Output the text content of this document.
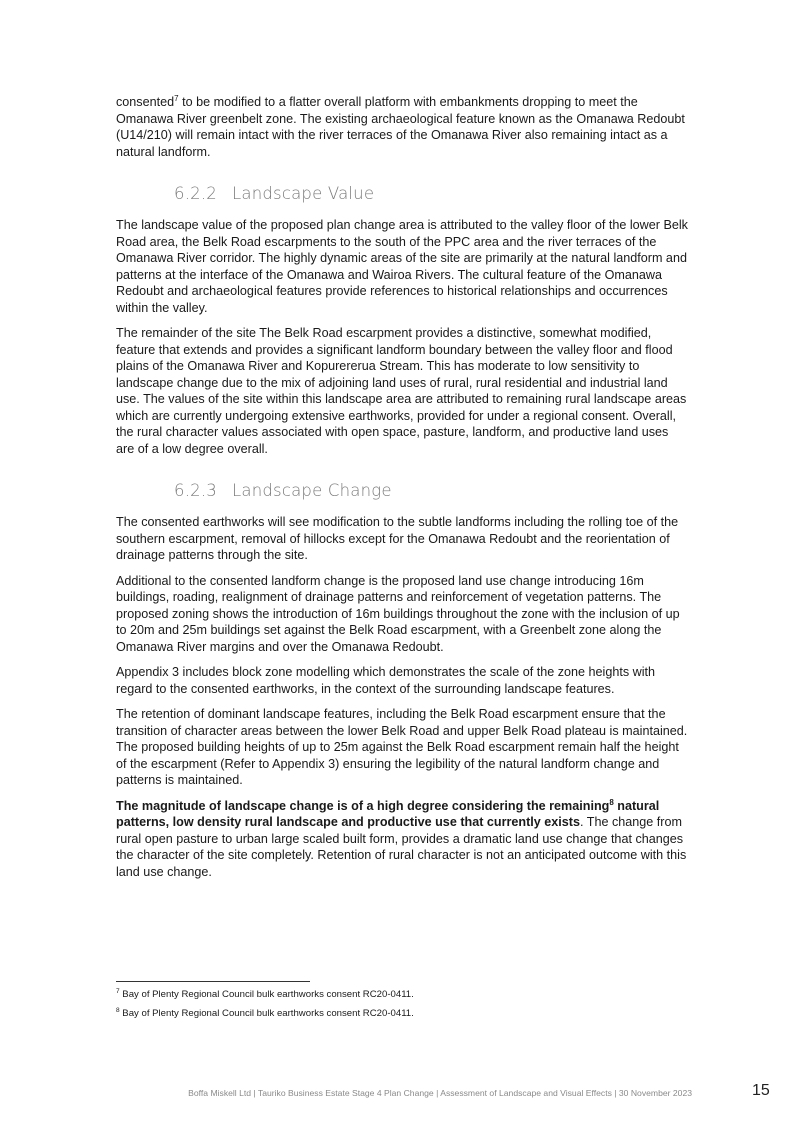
consented$^7$ to be modified to a flatter overall platform with embankments dropping to meet the Omanawa River greenbelt zone. The existing archaeological feature known as the Omanawa Redoubt (U14/210) will remain intact with the river terraces of the Omanawa River also remaining intact as a natural landform.

6.2.2 Landscape Value

The landscape value of the proposed plan change area is attributed to the valley floor of the lower Belk Road area, the Belk Road escarpments to the south of the PPC area and the river terraces of the Omanawa River corridor. The highly dynamic areas of the site are primarily at the natural landform and patterns at the interface of the Omanawa and Wairoa Rivers. The cultural feature of the Omanawa Redoubt and archaeological features provide references to historical relationships and occurrences within the valley.

The remainder of the site The Belk Road escarpment provides a distinctive, somewhat modified, feature that extends and provides a significant landform boundary between the valley floor and flood plains of the Omanawa River and Kopurererua Stream. This has moderate to low sensitivity to landscape change due to the mix of adjoining land uses of rural, rural residential and industrial land use. The values of the site within this landscape area are attributed to remaining rural landscape areas which are currently undergoing extensive earthworks, provided for under a regional consent. Overall, the rural character values associated with open space, pasture, landform, and productive land uses are of a low degree overall.

6.2.3 Landscape Change

The consented earthworks will see modification to the subtle landforms including the rolling toe of the southern escarpment, removal of hillocks except for the Omanawa Redoubt and the reorientation of drainage patterns through the site.

Additional to the consented landform change is the proposed land use change introducing 16m buildings, roading, realignment of drainage patterns and reinforcement of vegetation patterns. The proposed zoning shows the introduction of 16m buildings throughout the zone with the inclusion of up to 20m and 25m buildings set against the Belk Road escarpment, with a Greenbelt zone along the Omanawa River margins and over the Omanawa Redoubt.

Appendix 3 includes block zone modelling which demonstrates the scale of the zone heights with regard to the consented earthworks, in the context of the surrounding landscape features.

The retention of dominant landscape features, including the Belk Road escarpment ensure that the transition of character areas between the lower Belk Road and upper Belk Road plateau is maintained. The proposed building heights of up to 25m against the Belk Road escarpment remain half the height of the escarpment (Refer to Appendix 3) ensuring the legibility of the natural landform change and patterns is maintained.

The magnitude of landscape change is of a high degree considering the remaining$^8$ natural patterns, low density rural landscape and productive use that currently exists. The change from rural open pasture to urban large scaled built form, provides a dramatic land use change that changes the character of the site completely. Retention of rural character is not an anticipated outcome with this land use change.

$^7$ Bay of Plenty Regional Council bulk earthworks consent RC20-0411.

$^8$ Bay of Plenty Regional Council bulk earthworks consent RC20-0411.

Boffa Miskell Ltd | Tauriko Business Estate Stage 4 Plan Change | Assessment of Landscape and Visual Effects | 30 November 2023	15
